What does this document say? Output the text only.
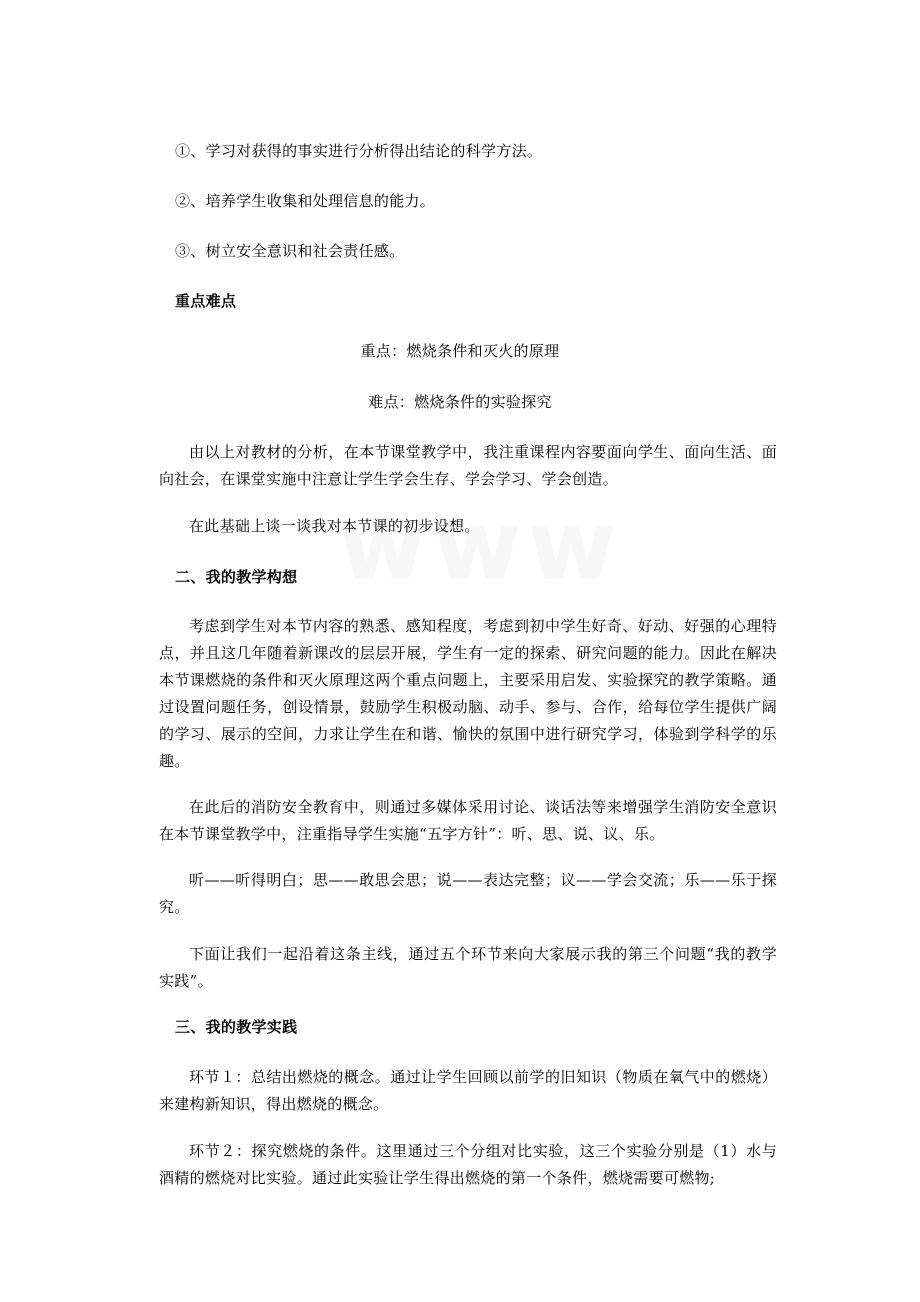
①、学习对获得的事实进行分析得出结论的科学方法。
②、培养学生收集和处理信息的能力。
③、树立安全意识和社会责任感。
重点难点
重点：燃烧条件和灭火的原理
难点：燃烧条件的实验探究
由以上对教材的分析，在本节课堂教学中，我注重课程内容要面向学生、面向生活、面向社会，在课堂实施中注意让学生学会生存、学会学习、学会创造。
在此基础上谈一谈我对本节课的初步设想。
二、我的教学构想
考虑到学生对本节内容的熟悉、感知程度，考虑到初中学生好奇、好动、好强的心理特点，并且这几年随着新课改的层层开展，学生有一定的探索、研究问题的能力。因此在解决本节课燃烧的条件和灭火原理这两个重点问题上，主要采用启发、实验探究的教学策略。通过设置问题任务，创设情景，鼓励学生积极动脑、动手、参与、合作，给每位学生提供广阔的学习、展示的空间，力求让学生在和谐、愉快的氛围中进行研究学习，体验到学科学的乐趣。
在此后的消防安全教育中，则通过多媒体采用讨论、谈话法等来增强学生消防安全意识在本节课堂教学中，注重指导学生实施“五字方针”：听、思、说、议、乐。
听——听得明白；思——敢思会思；说——表达完整；议——学会交流；乐——乐于探究。
下面让我们一起沿着这条主线，通过五个环节来向大家展示我的第三个问题“我的教学实践”。
三、我的教学实践
环节１：总结出燃烧的概念。通过让学生回顾以前学的旧知识（物质在氧气中的燃烧）来建构新知识，得出燃烧的概念。
环节２：探究燃烧的条件。这里通过三个分组对比实验，这三个实验分别是（1）水与酒精的燃烧对比实验。通过此实验让学生得出燃烧的第一个条件，燃烧需要可燃物;
